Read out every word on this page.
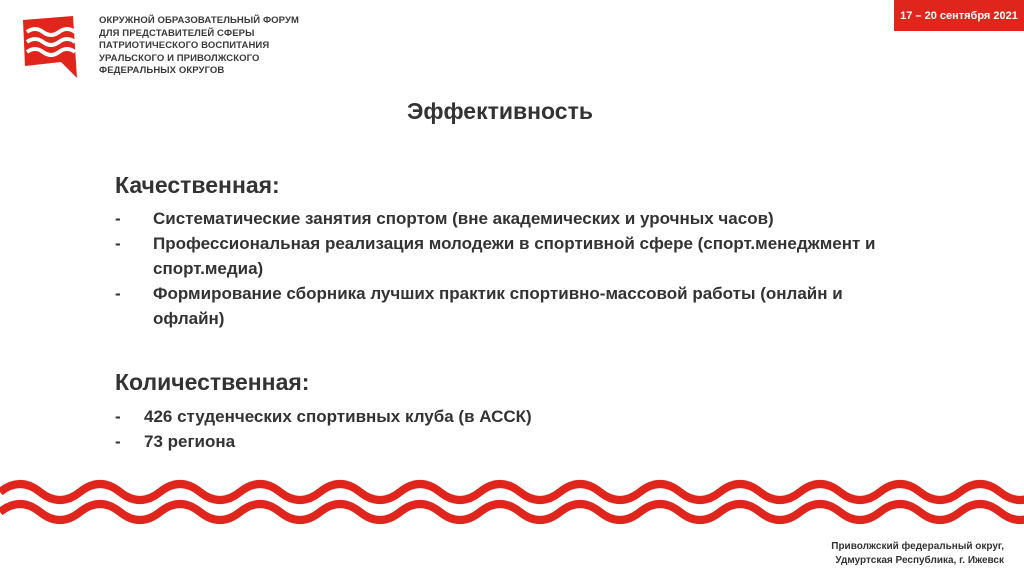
ОКРУЖНОЙ ОБРАЗОВАТЕЛЬНЫЙ ФОРУМ
ДЛЯ ПРЕДСТАВИТЕЛЕЙ СФЕРЫ
ПАТРИОТИЧЕСКОГО ВОСПИТАНИЯ
УРАЛЬСКОГО И ПРИВОЛЖСКОГО
ФЕДЕРАЛЬНЫХ ОКРУГОВ
17 – 20 сентября 2021
Эффективность
Качественная:
- Систематические занятия спортом (вне академических и урочных часов)
- Профессиональная реализация молодежи в спортивной сфере (спорт.менеджмент и спорт.медиа)
- Формирование сборника лучших практик спортивно-массовой работы (онлайн и офлайн)
Количественная:
- 426 студенческих спортивных клуба (в АССК)
- 73 региона
Приволжский федеральный округ,
Удмуртская Республика, г. Ижевск
